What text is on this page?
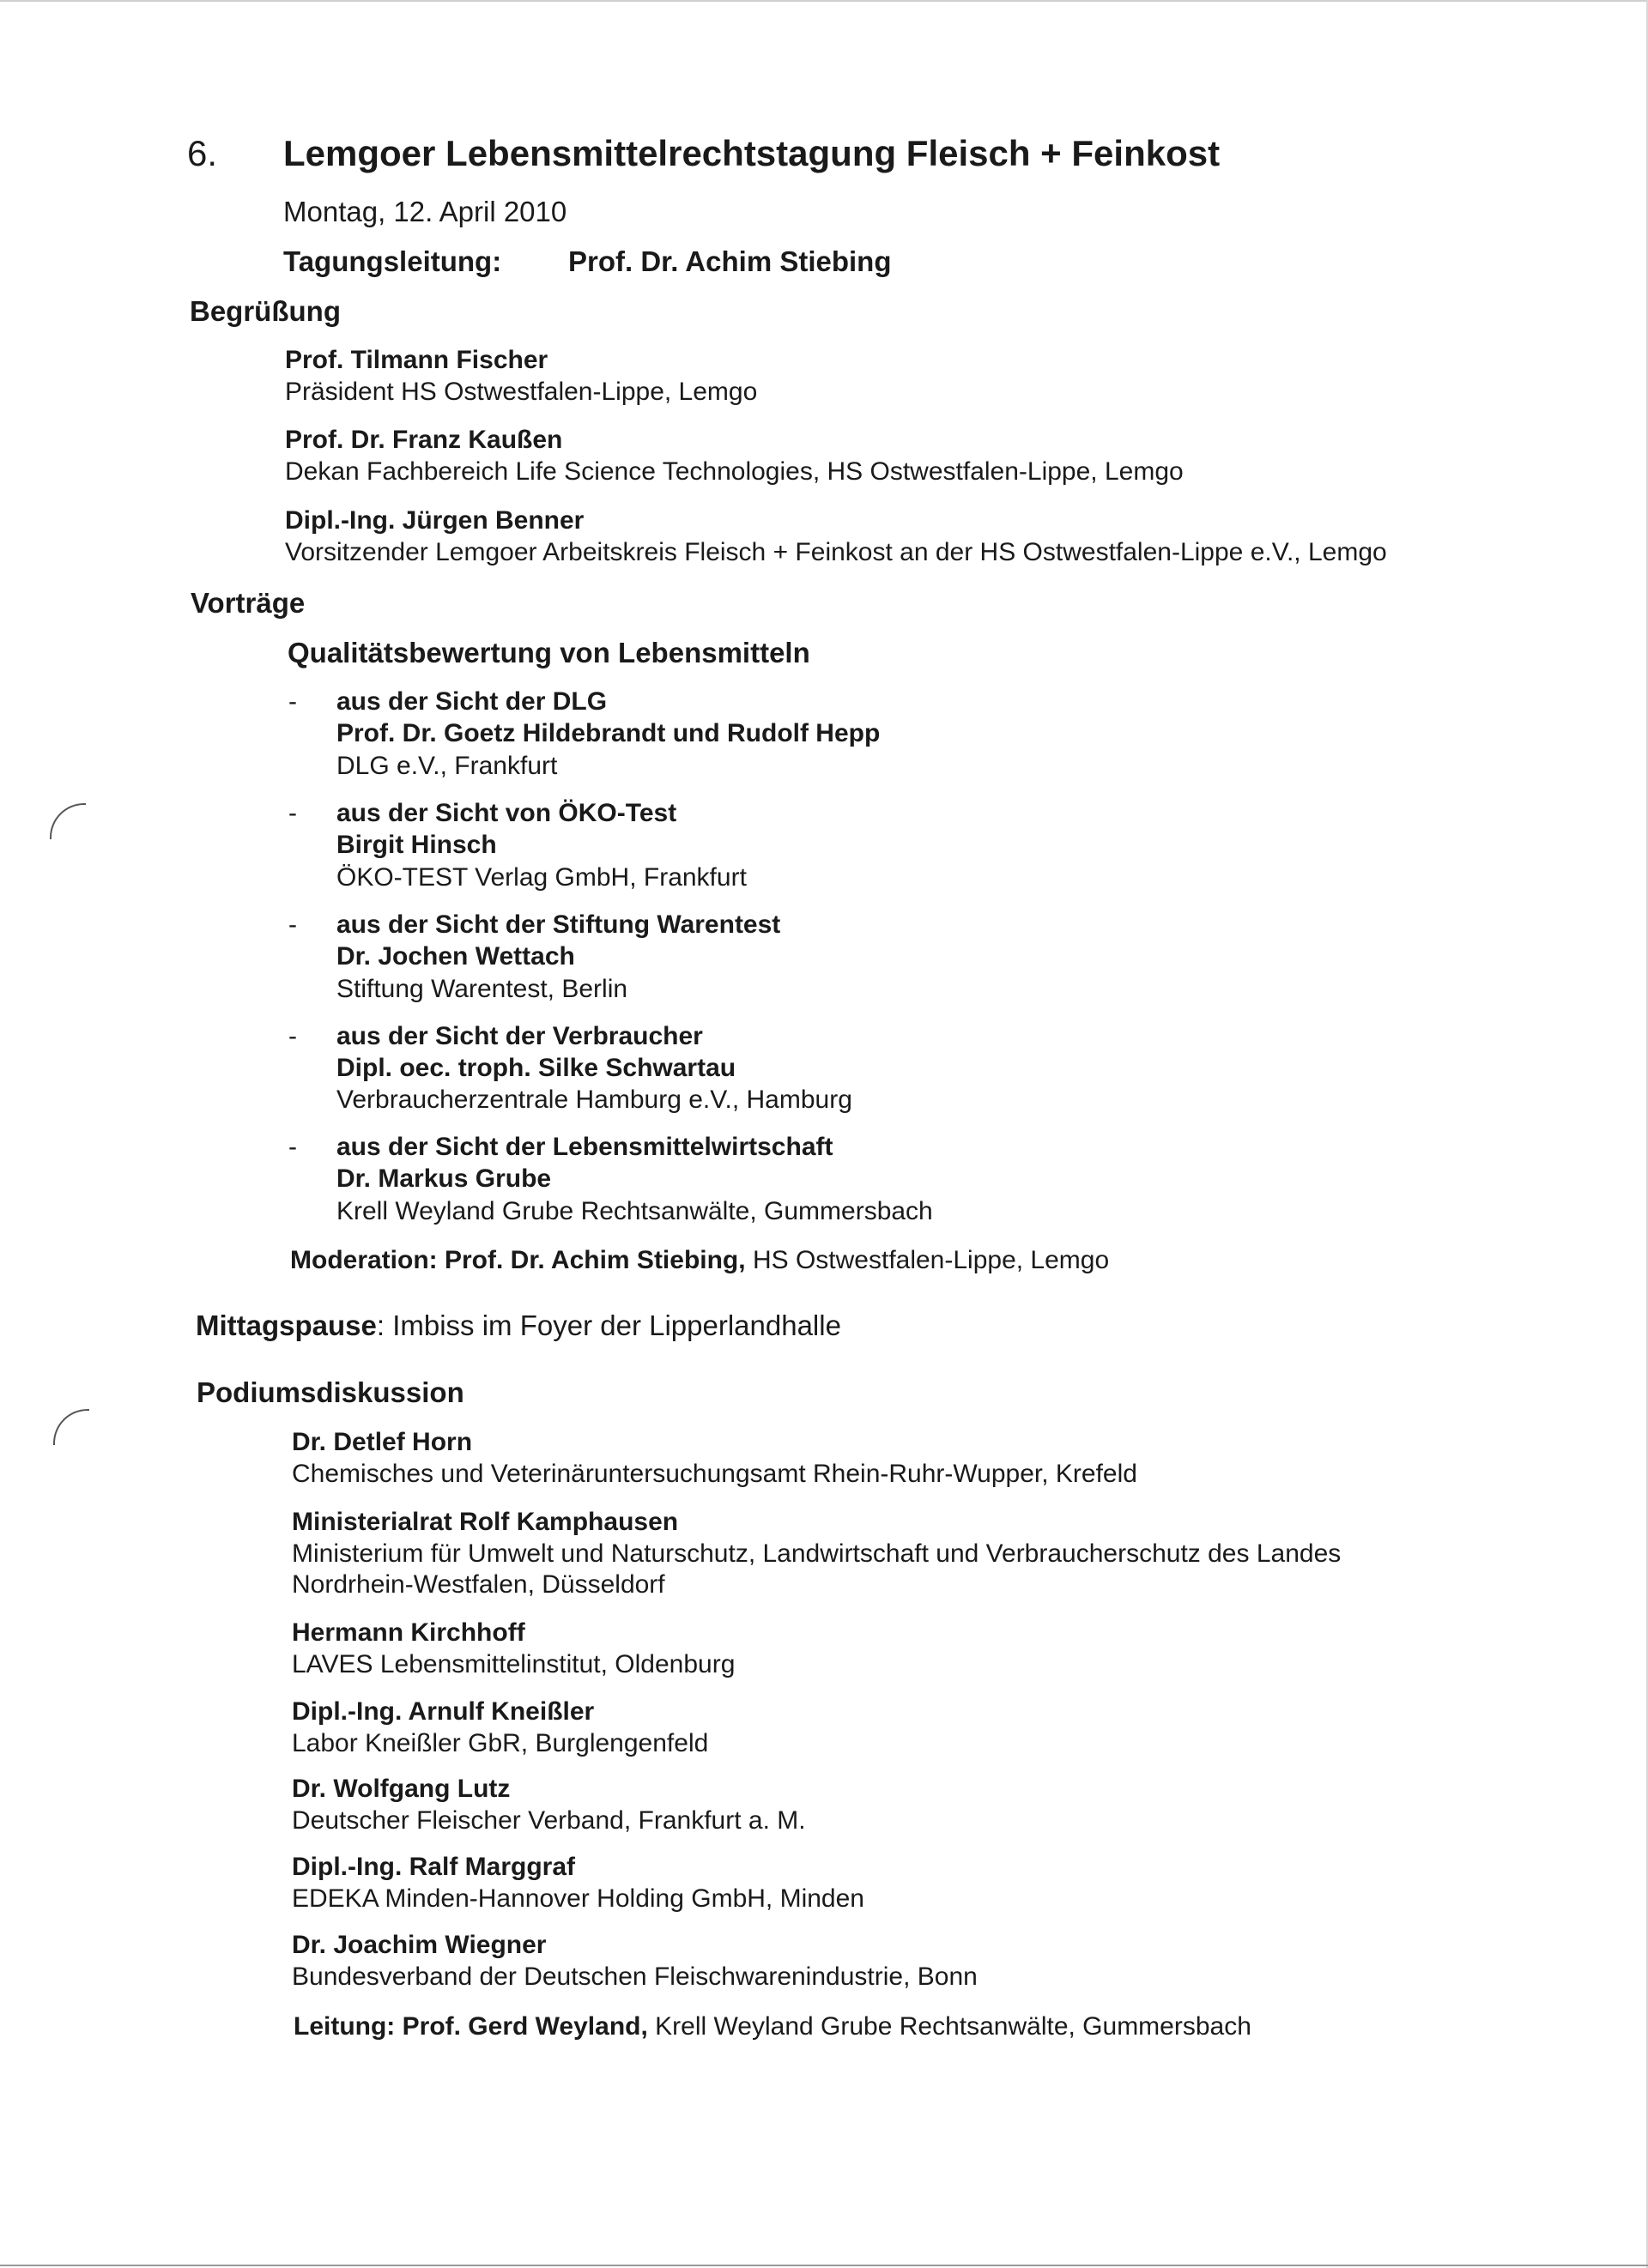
6. Lemgoer Lebensmittelrechtstagung Fleisch + Feinkost
Montag, 12. April 2010
Tagungsleitung: Prof. Dr. Achim Stiebing
Begrüßung
Prof. Tilmann Fischer
Präsident HS Ostwestfalen-Lippe, Lemgo
Prof. Dr. Franz Kaußen
Dekan Fachbereich Life Science Technologies, HS Ostwestfalen-Lippe, Lemgo
Dipl.-Ing. Jürgen Benner
Vorsitzender Lemgoer Arbeitskreis Fleisch + Feinkost an der HS Ostwestfalen-Lippe e.V., Lemgo
Vorträge
Qualitätsbewertung von Lebensmitteln
- aus der Sicht der DLG
Prof. Dr. Goetz Hildebrandt und Rudolf Hepp
DLG e.V., Frankfurt
- aus der Sicht von ÖKO-Test
Birgit Hinsch
ÖKO-TEST Verlag GmbH, Frankfurt
- aus der Sicht der Stiftung Warentest
Dr. Jochen Wettach
Stiftung Warentest, Berlin
- aus der Sicht der Verbraucher
Dipl. oec. troph. Silke Schwartau
Verbraucherzentrale Hamburg e.V., Hamburg
- aus der Sicht der Lebensmittelwirtschaft
Dr. Markus Grube
Krell Weyland Grube Rechtsanwälte, Gummersbach
Moderation: Prof. Dr. Achim Stiebing, HS Ostwestfalen-Lippe, Lemgo
Mittagspause: Imbiss im Foyer der Lipperlandhalle
Podiumsdiskussion
Dr. Detlef Horn
Chemisches und Veterinäruntersuchungsamt Rhein-Ruhr-Wupper, Krefeld
Ministerialrat Rolf Kamphausen
Ministerium für Umwelt und Naturschutz, Landwirtschaft und Verbraucherschutz des Landes
Nordrhein-Westfalen, Düsseldorf
Hermann Kirchhoff
LAVES Lebensmittelinstitut, Oldenburg
Dipl.-Ing. Arnulf Kneißler
Labor Kneißler GbR, Burglengenfeld
Dr. Wolfgang Lutz
Deutscher Fleischer Verband, Frankfurt a. M.
Dipl.-Ing. Ralf Marggraf
EDEKA Minden-Hannover Holding GmbH, Minden
Dr. Joachim Wiegner
Bundesverband der Deutschen Fleischwarenindustrie, Bonn
Leitung: Prof. Gerd Weyland, Krell Weyland Grube Rechtsanwälte, Gummersbach
